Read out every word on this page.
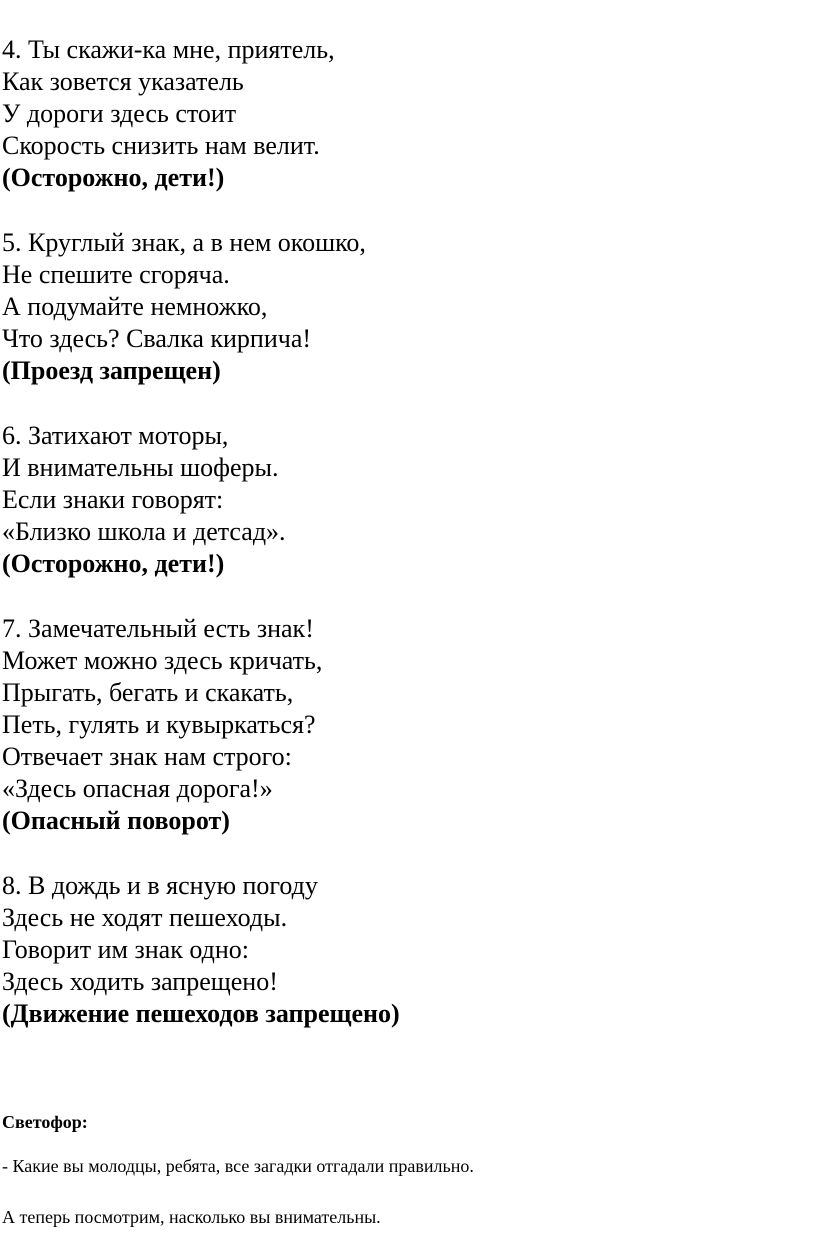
4. Ты скажи-ка мне, приятель,
Как зовется указатель
У дороги здесь стоит
Скорость снизить нам велит.
(Осторожно, дети!)
5. Круглый знак, а в нем окошко,
Не спешите сгоряча.
А подумайте немножко,
Что здесь? Свалка кирпича!
(Проезд запрещен)
6. Затихают моторы,
И внимательны шоферы.
Если знаки говорят:
«Близко школа и детсад».
(Осторожно, дети!)
7. Замечательный есть знак!
Может можно здесь кричать,
Прыгать, бегать и скакать,
Петь, гулять и кувыркаться?
Отвечает знак нам строго:
«Здесь опасная дорога!»
(Опасный поворот)
8. В дождь и в ясную погоду
Здесь не ходят пешеходы.
Говорит им знак одно:
Здесь ходить запрещено!
(Движение пешеходов запрещено)
Светофор:
- Какие вы молодцы, ребята, все загадки отгадали правильно.
А теперь посмотрим, насколько вы внимательны.
